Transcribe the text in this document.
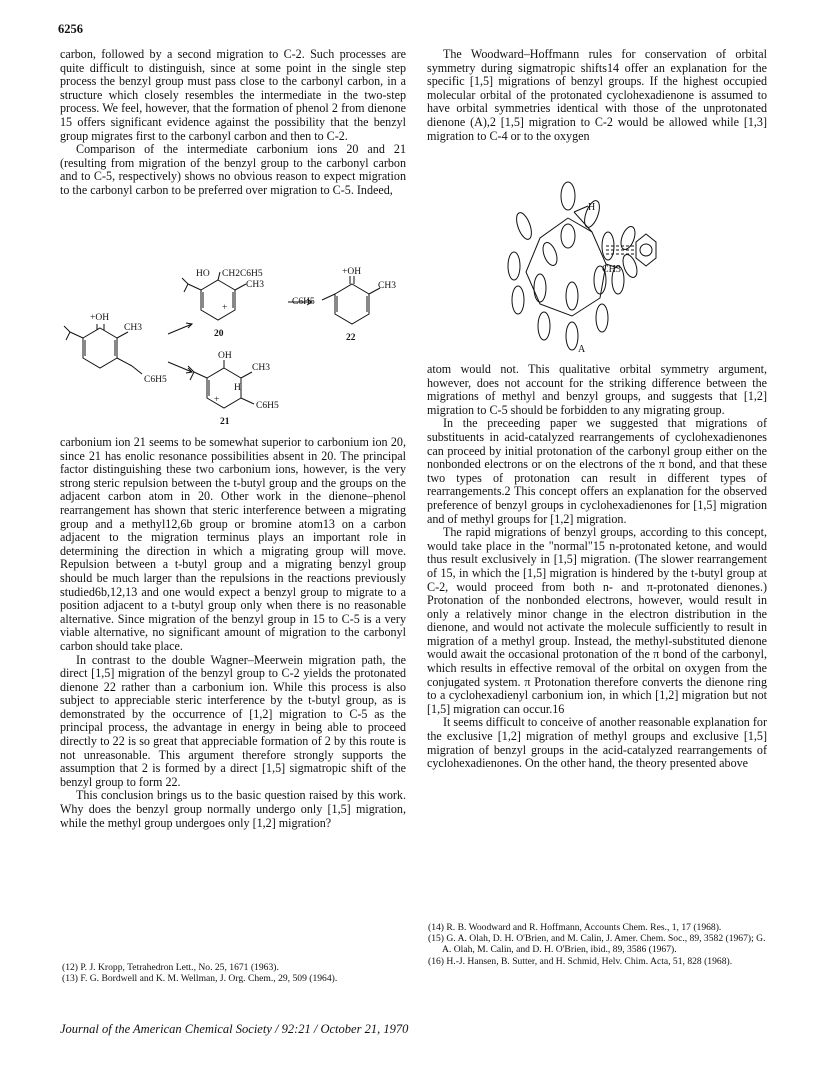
6256

carbon, followed by a second migration to C-2. Such processes are quite difficult to distinguish, since at some point in the single step process the benzyl group must pass close to the carbonyl carbon, in a structure which closely resembles the intermediate in the two-step process. We feel, however, that the formation of phenol 2 from dienone 15 offers significant evidence against the possibility that the benzyl group migrates first to the carbonyl carbon and then to C-2.

Comparison of the intermediate carbonium ions 20 and 21 (resulting from migration of the benzyl group to the carbonyl carbon and to C-5, respectively) shows no obvious reason to expect migration to the carbonyl carbon to be preferred over migration to C-5. Indeed,

+OH
CH3
C6H5
HO CH2C6H5
CH3
+
20
C6H5
+OH
CH3
22
OH
CH3
H
C6H5
+
21

carbonium ion 21 seems to be somewhat superior to carbonium ion 20, since 21 has enolic resonance possibilities absent in 20. The principal factor distinguishing these two carbonium ions, however, is the very strong steric repulsion between the t-butyl group and the groups on the adjacent carbon atom in 20. Other work in the dienone–phenol rearrangement has shown that steric interference between a migrating group and a methyl12,6b group or bromine atom13 on a carbon adjacent to the migration terminus plays an important role in determining the direction in which a migrating group will move. Repulsion between a t-butyl group and a migrating benzyl group should be much larger than the repulsions in the reactions previously studied6b,12,13 and one would expect a benzyl group to migrate to a position adjacent to a t-butyl group only when there is no reasonable alternative. Since migration of the benzyl group in 15 to C-5 is a very viable alternative, no significant amount of migration to the carbonyl carbon should take place.

In contrast to the double Wagner–Meerwein migration path, the direct [1,5] migration of the benzyl group to C-2 yields the protonated dienone 22 rather than a carbonium ion. While this process is also subject to appreciable steric interference by the t-butyl group, as is demonstrated by the occurrence of [1,2] migration to C-5 as the principal process, the advantage in energy in being able to proceed directly to 22 is so great that appreciable formation of 2 by this route is not unreasonable. This argument therefore strongly supports the assumption that 2 is formed by a direct [1,5] sigmatropic shift of the benzyl group to form 22.

This conclusion brings us to the basic question raised by this work. Why does the benzyl group normally undergo only [1,5] migration, while the methyl group undergoes only [1,2] migration?

(12) P. J. Kropp, Tetrahedron Lett., No. 25, 1671 (1963).

(13) F. G. Bordwell and K. M. Wellman, J. Org. Chem., 29, 509 (1964).

The Woodward–Hoffmann rules for conservation of orbital symmetry during sigmatropic shifts14 offer an explanation for the specific [1,5] migrations of benzyl groups. If the highest occupied molecular orbital of the protonated cyclohexadienone is assumed to have orbital symmetries identical with those of the unprotonated dienone (A),2 [1,5] migration to C-2 would be allowed while [1,3] migration to C-4 or to the oxygen

H
CH3
A

atom would not. This qualitative orbital symmetry argument, however, does not account for the striking difference between the migrations of methyl and benzyl groups, and suggests that [1,2] migration to C-5 should be forbidden to any migrating group.

In the preceeding paper we suggested that migrations of substituents in acid-catalyzed rearrangements of cyclohexadienones can proceed by initial protonation of the carbonyl group either on the nonbonded electrons or on the electrons of the π bond, and that these two types of protonation can result in different types of rearrangements.2 This concept offers an explanation for the observed preference of benzyl groups in cyclohexadienones for [1,5] migration and of methyl groups for [1,2] migration.

The rapid migrations of benzyl groups, according to this concept, would take place in the "normal"15 n-protonated ketone, and would thus result exclusively in [1,5] migration. (The slower rearrangement of 15, in which the [1,5] migration is hindered by the t-butyl group at C-2, would proceed from both n- and π-protonated dienones.) Protonation of the nonbonded electrons, however, would result in only a relatively minor change in the electron distribution in the dienone, and would not activate the molecule sufficiently to result in migration of a methyl group. Instead, the methyl-substituted dienone would await the occasional protonation of the π bond of the carbonyl, which results in effective removal of the orbital on oxygen from the conjugated system. π Protonation therefore converts the dienone ring to a cyclohexadienyl carbonium ion, in which [1,2] migration but not [1,5] migration can occur.16

It seems difficult to conceive of another reasonable explanation for the exclusive [1,2] migration of methyl groups and exclusive [1,5] migration of benzyl groups in the acid-catalyzed rearrangements of cyclohexadienones. On the other hand, the theory presented above

(14) R. B. Woodward and R. Hoffmann, Accounts Chem. Res., 1, 17 (1968).

(15) G. A. Olah, D. H. O'Brien, and M. Calin, J. Amer. Chem. Soc., 89, 3582 (1967); G. A. Olah, M. Calin, and D. H. O'Brien, ibid., 89, 3586 (1967).

(16) H.-J. Hansen, B. Sutter, and H. Schmid, Helv. Chim. Acta, 51, 828 (1968).

Journal of the American Chemical Society / 92:21 / October 21, 1970
